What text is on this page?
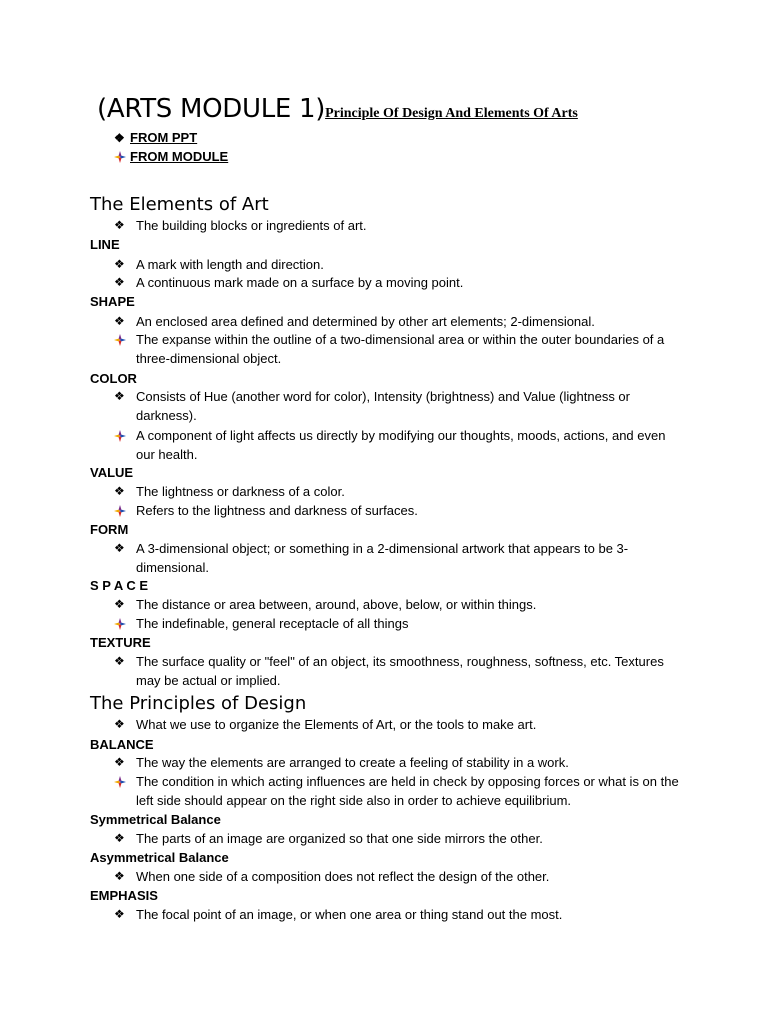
(ARTS MODULE 1)Principle Of Design And Elements Of Arts
❖ FROM PPT
FROM MODULE
The Elements of Art
❖ The building blocks or ingredients of art.
LINE
❖ A mark with length and direction.
❖ A continuous mark made on a surface by a moving point.
SHAPE
❖ An enclosed area defined and determined by other art elements; 2-dimensional.
The expanse within the outline of a two-dimensional area or within the outer boundaries of a three-dimensional object.
COLOR
❖ Consists of Hue (another word for color), Intensity (brightness) and Value (lightness or darkness).
A component of light affects us directly by modifying our thoughts, moods, actions, and even our health.
VALUE
❖ The lightness or darkness of a color.
Refers to the lightness and darkness of surfaces.
FORM
❖ A 3-dimensional object; or something in a 2-dimensional artwork that appears to be 3-dimensional.
S P A C E
❖ The distance or area between, around, above, below, or within things.
The indefinable, general receptacle of all things
TEXTURE
❖ The surface quality or "feel" of an object, its smoothness, roughness, softness, etc. Textures may be actual or implied.
The Principles of Design
❖ What we use to organize the Elements of Art, or the tools to make art.
BALANCE
❖ The way the elements are arranged to create a feeling of stability in a work.
The condition in which acting influences are held in check by opposing forces or what is on the left side should appear on the right side also in order to achieve equilibrium.
Symmetrical Balance
❖ The parts of an image are organized so that one side mirrors the other.
Asymmetrical Balance
❖ When one side of a composition does not reflect the design of the other.
EMPHASIS
❖ The focal point of an image, or when one area or thing stand out the most.
